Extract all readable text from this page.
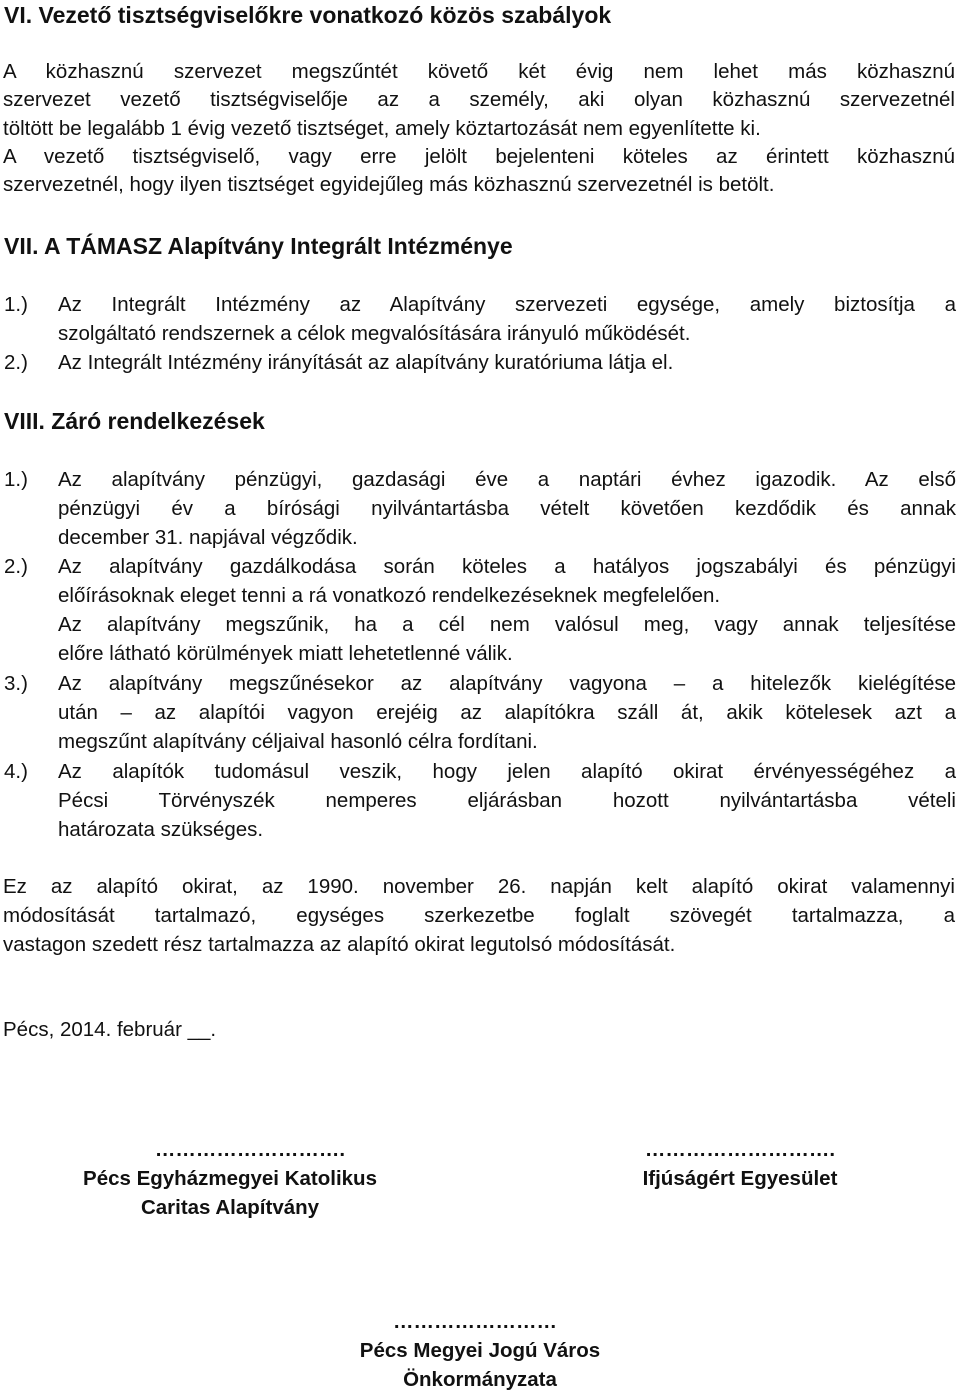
VI. Vezető tisztségviselőkre vonatkozó közös szabályok
A közhasznú szervezet megszűntét követő két évig nem lehet más közhasznú
szervezet vezető tisztségviselője az a személy, aki olyan közhasznú szervezetnél
töltött be legalább 1 évig vezető tisztséget, amely köztartozását nem egyenlítette ki.
A vezető tisztségviselő, vagy erre jelölt bejelenteni köteles az érintett közhasznú
szervezetnél, hogy ilyen tisztséget egyidejűleg más közhasznú szervezetnél is betölt.
VII. A TÁMASZ Alapítvány Integrált Intézménye
1.) Az Integrált Intézmény az Alapítvány szervezeti egysége, amely biztosítja a
szolgáltató rendszernek a célok megvalósítására irányuló működését.
2.) Az Integrált Intézmény irányítását az alapítvány kuratóriuma látja el.
VIII. Záró rendelkezések
1.) Az alapítvány pénzügyi, gazdasági éve a naptári évhez igazodik. Az első
pénzügyi év a bírósági nyilvántartásba vételt követően kezdődik és annak
december 31. napjával végződik.
2.) Az alapítvány gazdálkodása során köteles a hatályos jogszabályi és pénzügyi
előírásoknak eleget tenni a rá vonatkozó rendelkezéseknek megfelelően.
Az alapítvány megszűnik, ha a cél nem valósul meg, vagy annak teljesítése
előre látható körülmények miatt lehetetlenné válik.
3.) Az alapítvány megszűnésekor az alapítvány vagyona – a hitelezők kielégítése
után – az alapítói vagyon erejéig az alapítókra száll át, akik kötelesek azt a
megszűnt alapítvány céljaival hasonló célra fordítani.
4.) Az alapítók tudomásul veszik, hogy jelen alapító okirat érvényességéhez a
Pécsi Törvényszék nemperes eljárásban hozott nyilvántartásba vételi
határozata szükséges.
Ez az alapító okirat, az 1990. november 26. napján kelt alapító okirat valamennyi
módosítását tartalmazó, egységes szerkezetbe foglalt szövegét tartalmazza, a
vastagon szedett rész tartalmazza az alapító okirat legutolsó módosítását.
Pécs, 2014. február __.
……………………….
Pécs Egyházmegyei Katolikus
Caritas Alapítvány
……………………….
Ifjúságért Egyesület
……………………
Pécs Megyei Jogú Város
Önkormányzata
